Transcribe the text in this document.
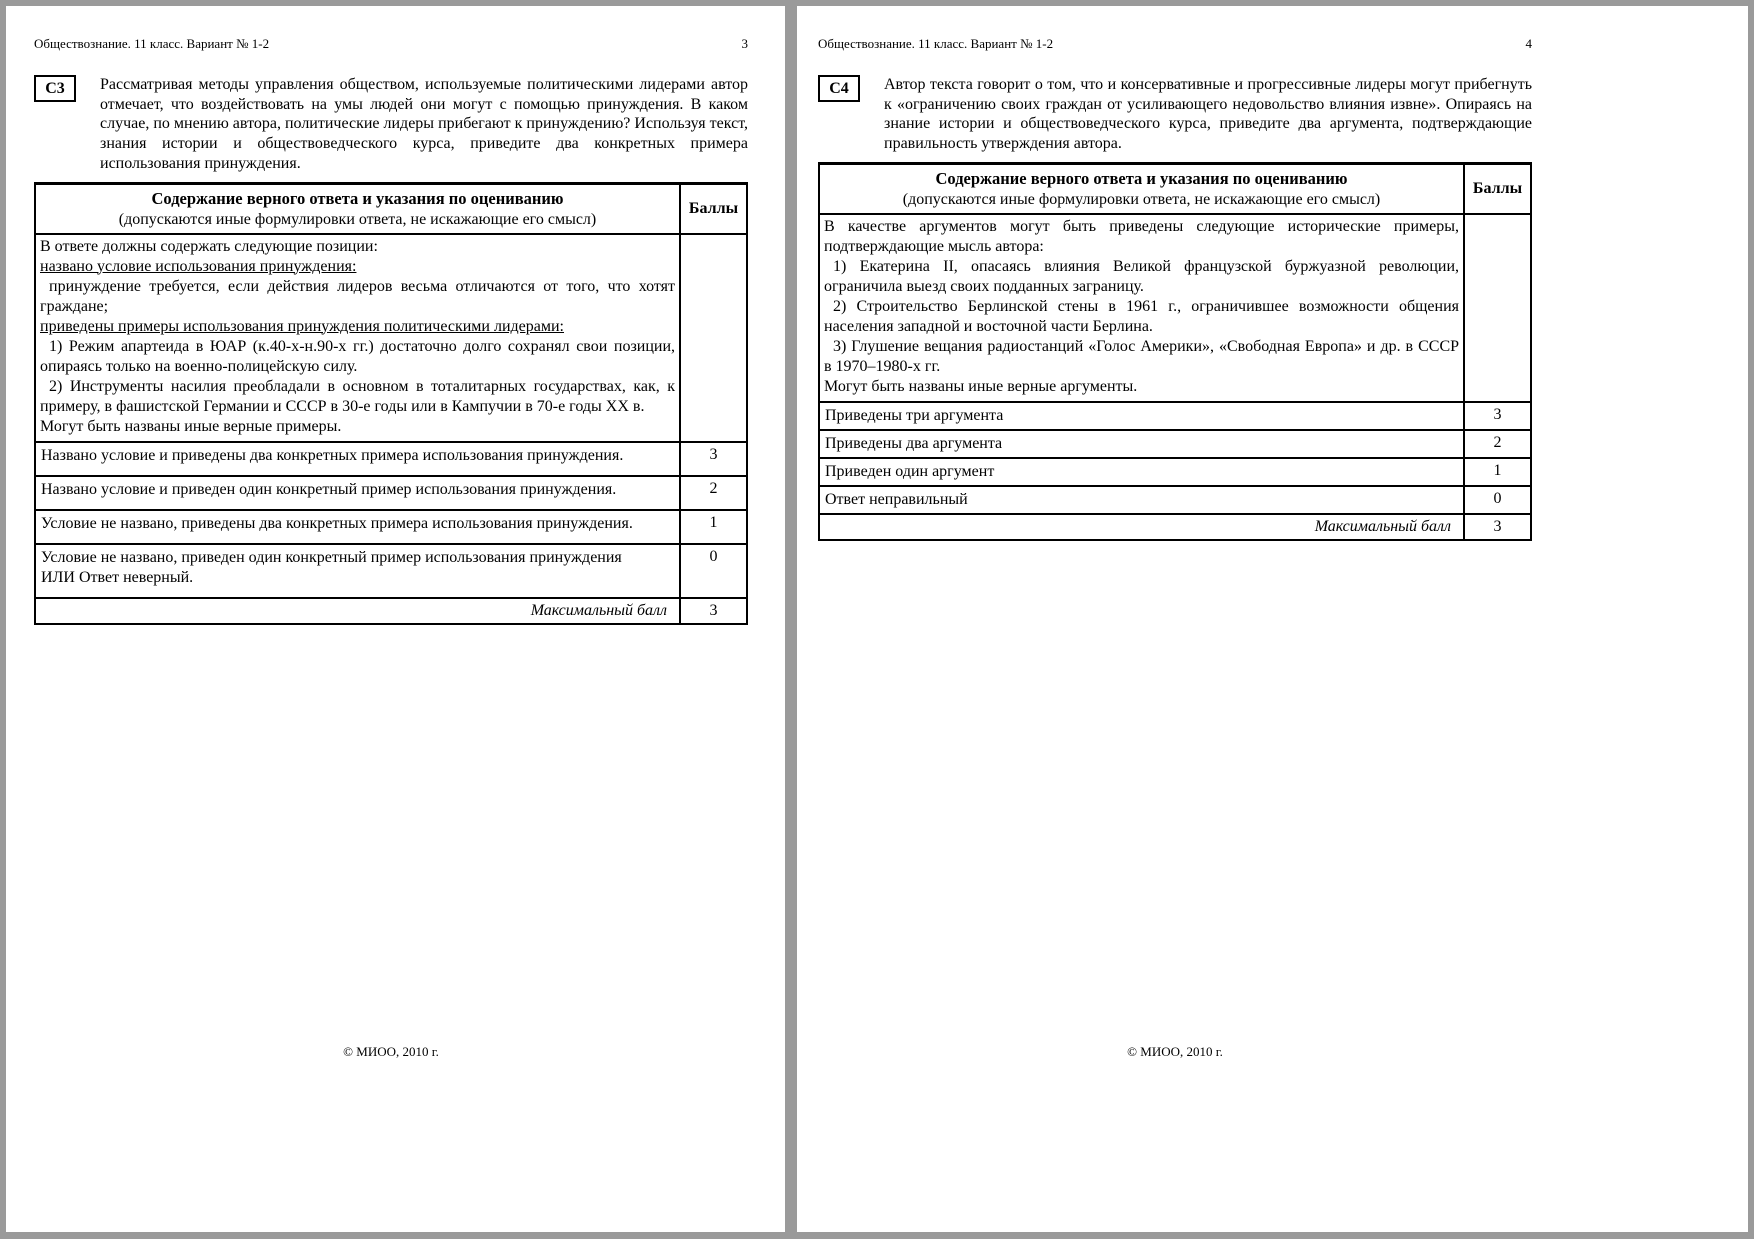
Обществознание. 11 класс. Вариант № 1-2	3
С3	Рассматривая методы управления обществом, используемые политическими лидерами автор отмечает, что воздействовать на умы людей они могут с помощью принуждения. В каком случае, по мнению автора, политические лидеры прибегают к принуждению? Используя текст, знания истории и обществоведческого курса, приведите два конкретных примера использования принуждения.
Содержание верного ответа и указания по оцениванию
(допускаются иные формулировки ответа, не искажающие его смысл)	Баллы

В ответе должны содержать следующие позиции:
названо условие использования принуждения:
принуждение требуется, если действия лидеров весьма отличаются от того, что хотят граждане;
приведены примеры использования принуждения политическими лидерами:
1) Режим апартеида в ЮАР (к.40-х-н.90-х гг.) достаточно долго сохранял свои позиции, опираясь только на военно-полицейскую силу.
2) Инструменты насилия преобладали в основном в тоталитарных государствах, как, к примеру, в фашистской Германии и СССР в 30-е годы или в Кампучии в 70-е годы XX в.
Могут быть названы иные верные примеры.

Названо условие и приведены два конкретных примера использования принуждения.	3
Названо условие и приведен один конкретный пример использования принуждения.	2
Условие не названо, приведены два конкретных примера использования принуждения.	1

Условие не названо, приведен один конкретный пример использования принуждения
ИЛИ Ответ неверный.	0
Максимальный балл	3
© МИОО, 2010 г.
Обществознание. 11 класс. Вариант № 1-2	4
С4	Автор текста говорит о том, что и консервативные и прогрессивные лидеры могут прибегнуть к «ограничению своих граждан от усиливающего недовольство влияния извне». Опираясь на знание истории и обществоведческого курса, приведите два аргумента, подтверждающие правильность утверждения автора.
Содержание верного ответа и указания по оцениванию
(допускаются иные формулировки ответа, не искажающие его смысл)	Баллы

В качестве аргументов могут быть приведены следующие исторические примеры, подтверждающие мысль автора:
1) Екатерина II, опасаясь влияния Великой французской буржуазной революции, ограничила выезд своих подданных заграницу.
2) Строительство Берлинской стены в 1961 г., ограничившее возможности общения населения западной и восточной части Берлина.
3) Глушение вещания радиостанций «Голос Америки», «Свободная Европа» и др. в СССР в 1970–1980-х гг.
Могут быть названы иные верные аргументы.	

Приведены три аргумента	3
Приведены два аргумента	2
Приведен один аргумент	1
Ответ неправильный	0
Максимальный балл	3
© МИОО, 2010 г.
